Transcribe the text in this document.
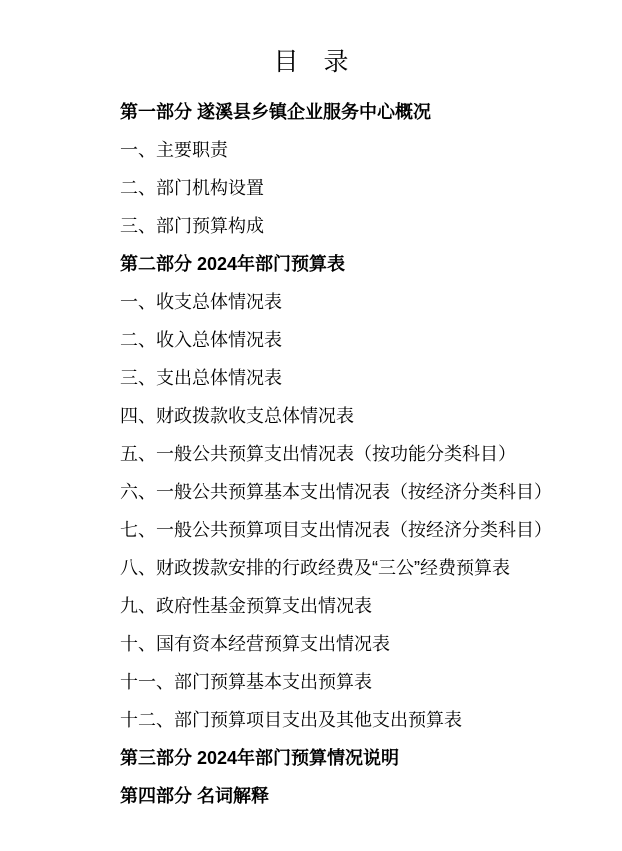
目　录
第一部分 遂溪县乡镇企业服务中心概况
一、主要职责
二、部门机构设置
三、部门预算构成
第二部分 2024年部门预算表
一、收支总体情况表
二、收入总体情况表
三、支出总体情况表
四、财政拨款收支总体情况表
五、一般公共预算支出情况表（按功能分类科目）
六、一般公共预算基本支出情况表（按经济分类科目）
七、一般公共预算项目支出情况表（按经济分类科目）
八、财政拨款安排的行政经费及“三公”经费预算表
九、政府性基金预算支出情况表
十、国有资本经营预算支出情况表
十一、部门预算基本支出预算表
十二、部门预算项目支出及其他支出预算表
第三部分 2024年部门预算情况说明
第四部分 名词解释
